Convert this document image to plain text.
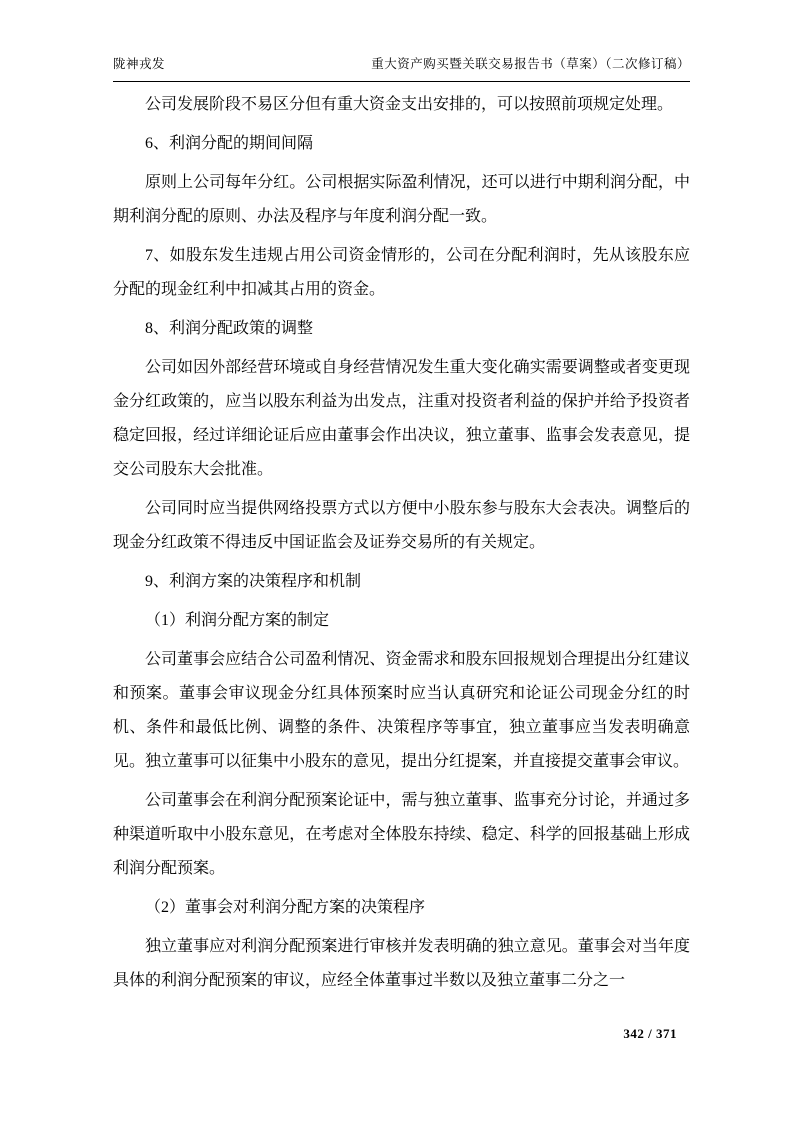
陇神戎发	重大资产购买暨关联交易报告书（草案）（二次修订稿）

公司发展阶段不易区分但有重大资金支出安排的，可以按照前项规定处理。

6、利润分配的期间间隔

原则上公司每年分红。公司根据实际盈利情况，还可以进行中期利润分配，中期利润分配的原则、办法及程序与年度利润分配一致。

7、如股东发生违规占用公司资金情形的，公司在分配利润时，先从该股东应分配的现金红利中扣减其占用的资金。

8、利润分配政策的调整

公司如因外部经营环境或自身经营情况发生重大变化确实需要调整或者变更现金分红政策的，应当以股东利益为出发点，注重对投资者利益的保护并给予投资者稳定回报，经过详细论证后应由董事会作出决议，独立董事、监事会发表意见，提交公司股东大会批准。

公司同时应当提供网络投票方式以方便中小股东参与股东大会表决。调整后的现金分红政策不得违反中国证监会及证券交易所的有关规定。

9、利润方案的决策程序和机制

（1）利润分配方案的制定

公司董事会应结合公司盈利情况、资金需求和股东回报规划合理提出分红建议和预案。董事会审议现金分红具体预案时应当认真研究和论证公司现金分红的时机、条件和最低比例、调整的条件、决策程序等事宜，独立董事应当发表明确意见。独立董事可以征集中小股东的意见，提出分红提案，并直接提交董事会审议。

公司董事会在利润分配预案论证中，需与独立董事、监事充分讨论，并通过多种渠道听取中小股东意见，在考虑对全体股东持续、稳定、科学的回报基础上形成利润分配预案。

（2）董事会对利润分配方案的决策程序

独立董事应对利润分配预案进行审核并发表明确的独立意见。董事会对当年度具体的利润分配预案的审议，应经全体董事过半数以及独立董事二分之一

342 / 371
